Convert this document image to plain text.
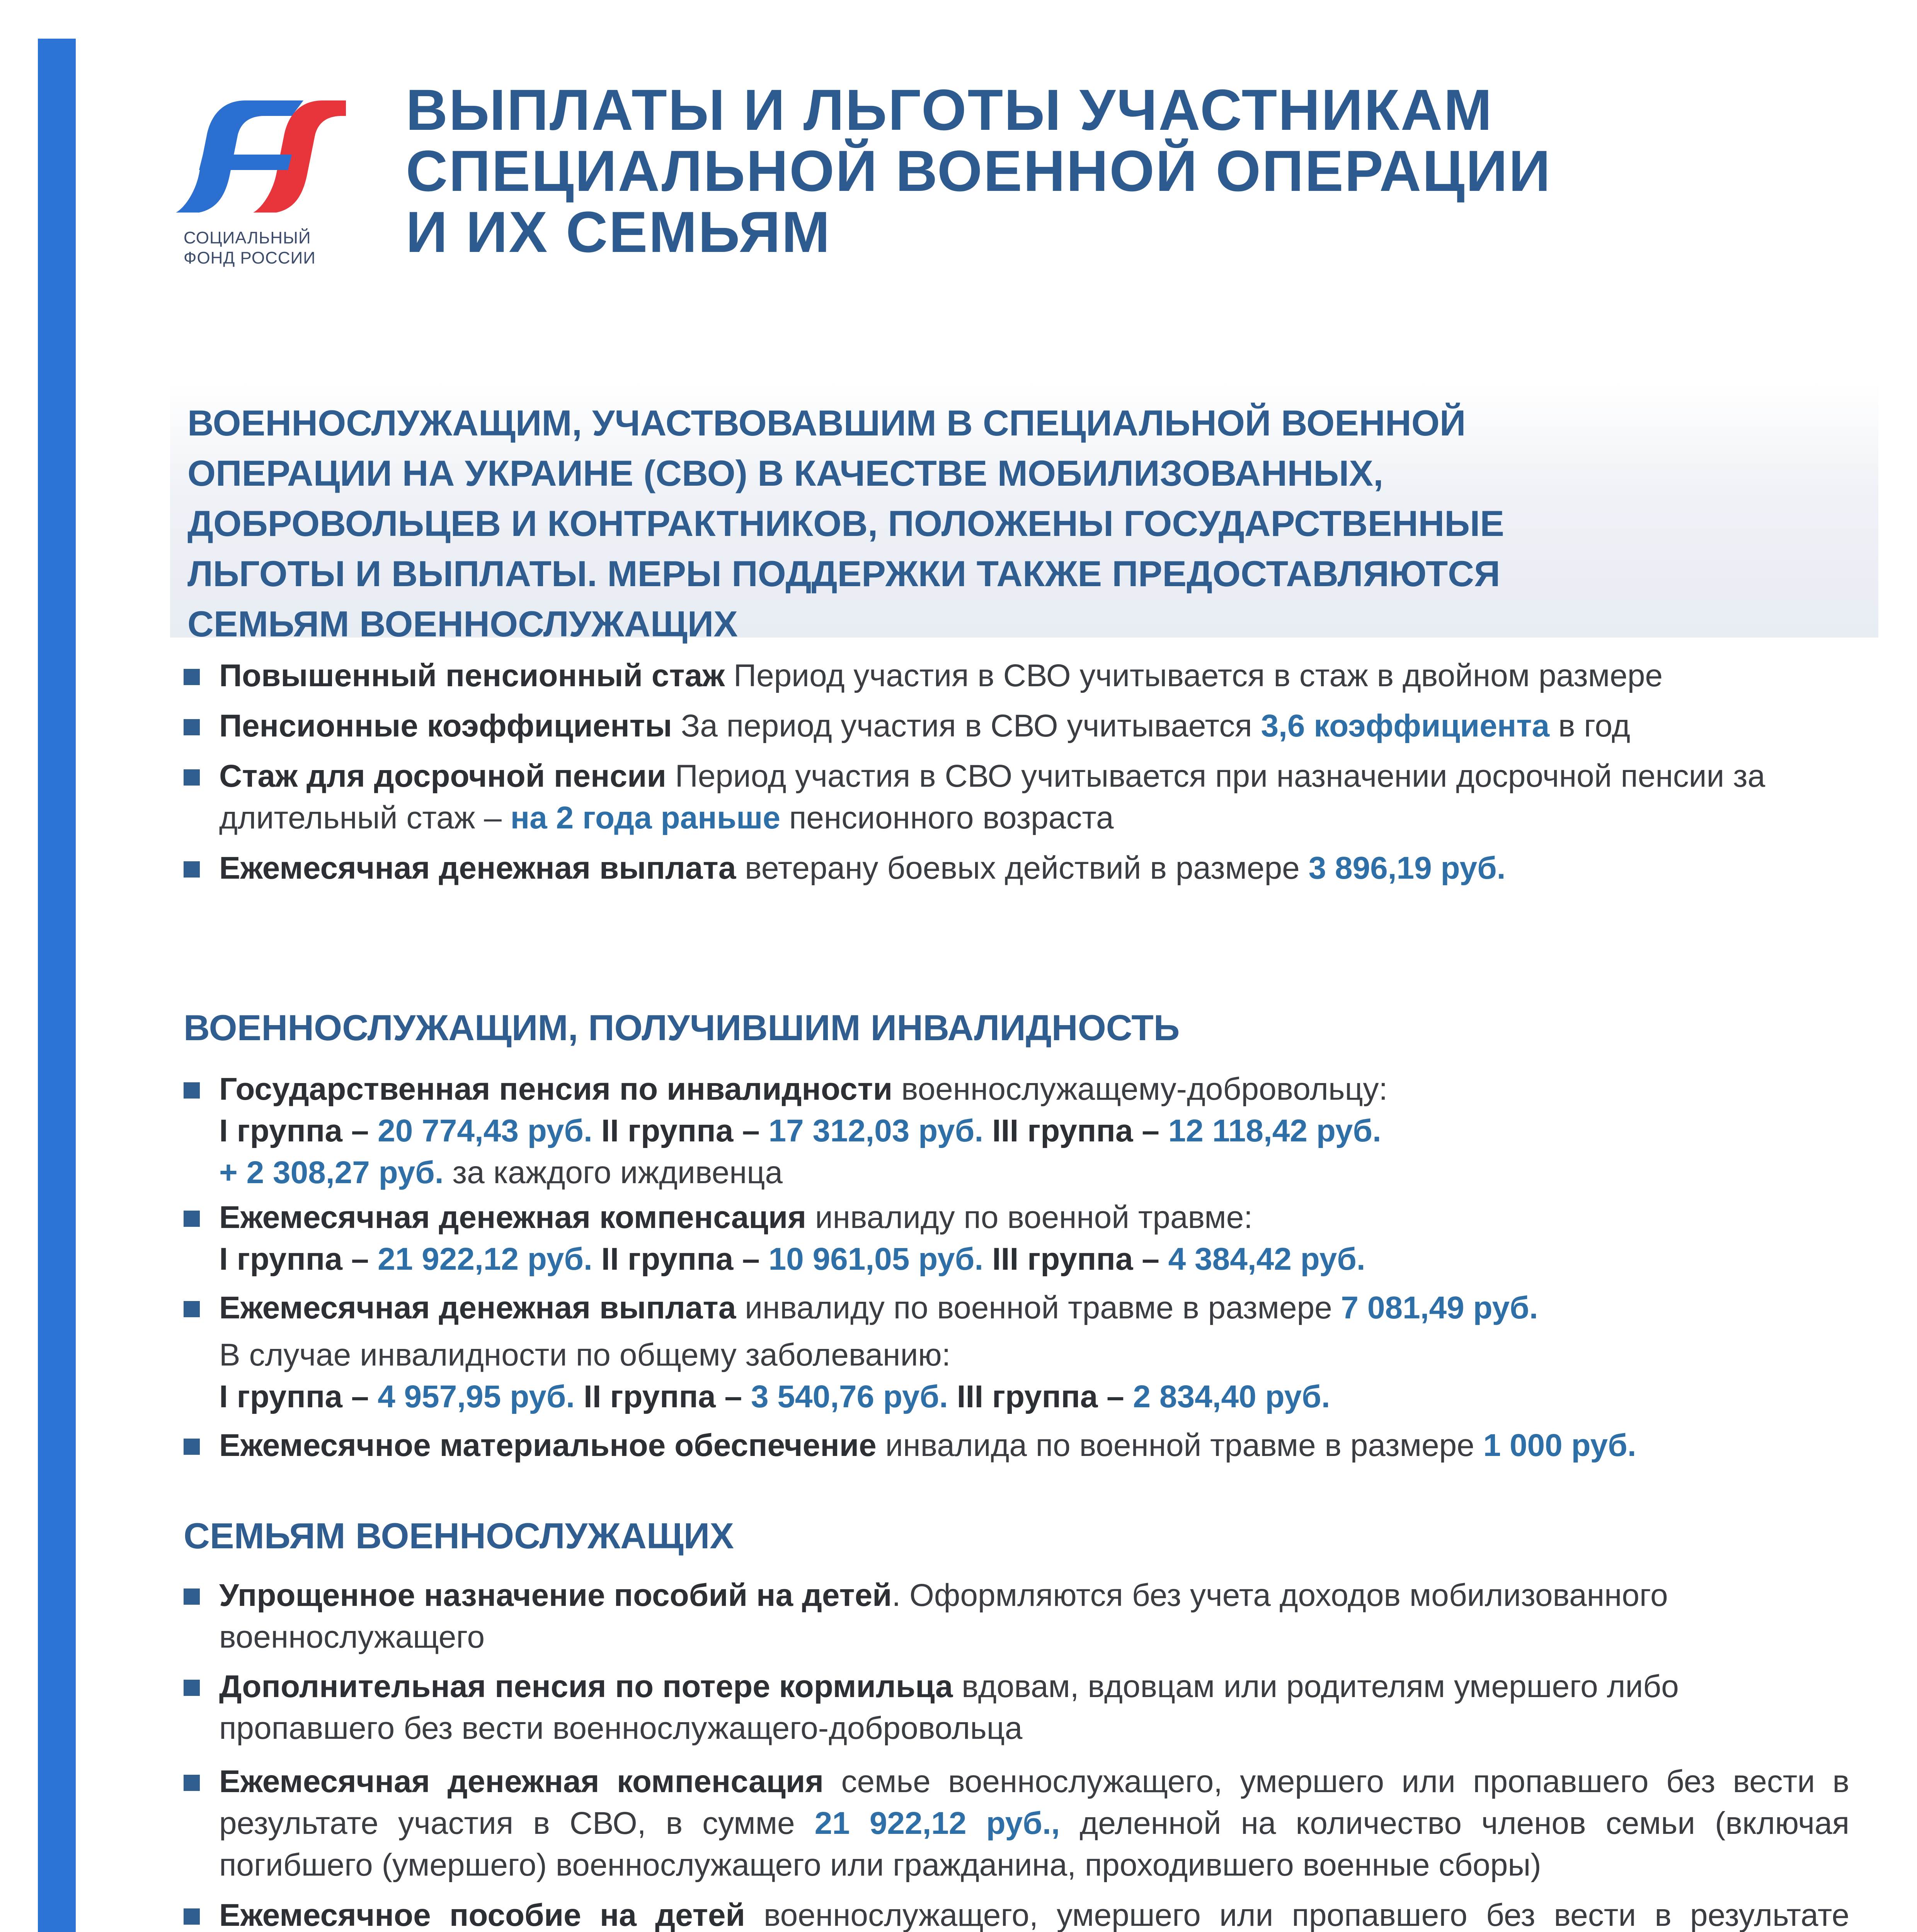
СОЦИАЛЬНЫЙ
ФОНД РОССИИ
ВЫПЛАТЫ И ЛЬГОТЫ УЧАСТНИКАМ
СПЕЦИАЛЬНОЙ ВОЕННОЙ ОПЕРАЦИИ
И ИХ СЕМЬЯМ

ВОЕННОСЛУЖАЩИМ, УЧАСТВОВАВШИМ В СПЕЦИАЛЬНОЙ ВОЕННОЙ
ОПЕРАЦИИ НА УКРАИНЕ (СВО) В КАЧЕСТВЕ МОБИЛИЗОВАННЫХ,
ДОБРОВОЛЬЦЕВ И КОНТРАКТНИКОВ, ПОЛОЖЕНЫ ГОСУДАРСТВЕННЫЕ
ЛЬГОТЫ И ВЫПЛАТЫ. МЕРЫ ПОДДЕРЖКИ ТАКЖЕ ПРЕДОСТАВЛЯЮТСЯ
СЕМЬЯМ ВОЕННОСЛУЖАЩИХ

Повышенный пенсионный стаж Период участия в СВО учитывается в стаж в двойном размере
Пенсионные коэффициенты За период участия в СВО учитывается 3,6 коэффициента в год
Стаж для досрочной пенсии Период участия в СВО учитывается при назначении досрочной пенсии за длительный стаж – на 2 года раньше пенсионного возраста
Ежемесячная денежная выплата ветерану боевых действий в размере 3 896,19 руб.
ВОЕННОСЛУЖАЩИМ, ПОЛУЧИВШИМ ИНВАЛИДНОСТЬ
Государственная пенсия по инвалидности военнослужащему-добровольцу:
I группа – 20 774,43 руб. II группа – 17 312,03 руб. III группа – 12 118,42 руб.
+ 2 308,27 руб. за каждого иждивенца
Ежемесячная денежная компенсация инвалиду по военной травме:
I группа – 21 922,12 руб. II группа – 10 961,05 руб. III группа – 4 384,42 руб.
Ежемесячная денежная выплата инвалиду по военной травме в размере 7 081,49 руб.
В случае инвалидности по общему заболеванию:
I группа – 4 957,95 руб. II группа – 3 540,76 руб. III группа – 2 834,40 руб.
Ежемесячное материальное обеспечение инвалида по военной травме в размере 1 000 руб.
СЕМЬЯМ ВОЕННОСЛУЖАЩИХ
Упрощенное назначение пособий на детей. Оформляются без учета доходов мобилизованного военнослужащего
Дополнительная пенсия по потере кормильца вдовам, вдовцам или родителям умершего либо пропавшего без вести военнослужащего-добровольца
Ежемесячная денежная компенсация семье военнослужащего, умершего или пропавшего без вести в результате участия в СВО, в сумме 21 922,12 руб., деленной на количество членов семьи (включая погибшего (умершего) военнослужащего или гражданина, проходившего военные сборы)
Ежемесячное пособие на детей военнослужащего, умершего или пропавшего без вести в результате
